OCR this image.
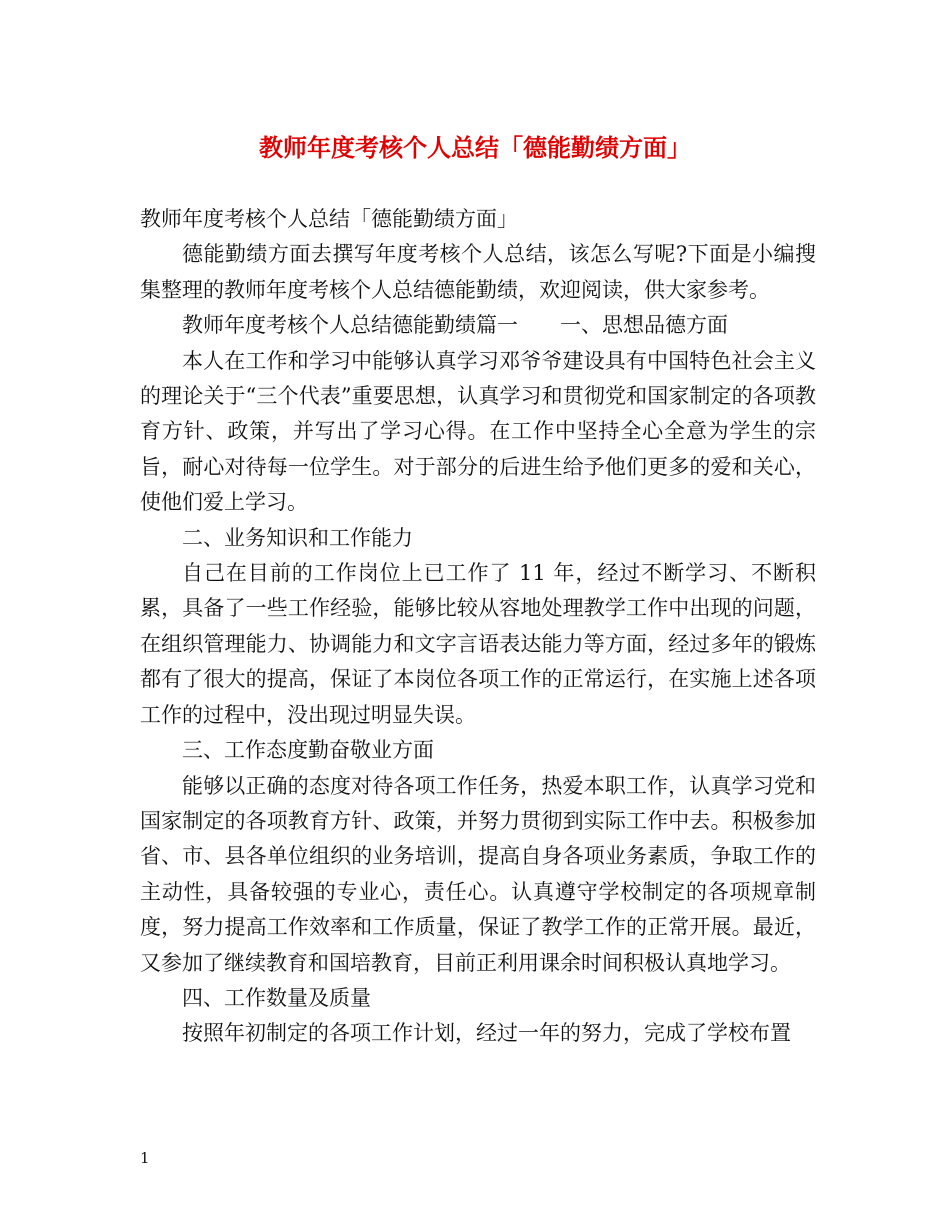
教师年度考核个人总结「德能勤绩方面」

教师年度考核个人总结「德能勤绩方面」

德能勤绩方面去撰写年度考核个人总结，该怎么写呢?下面是小编搜集整理的教师年度考核个人总结德能勤绩，欢迎阅读，供大家参考。

教师年度考核个人总结德能勤绩篇一　　一、思想品德方面

本人在工作和学习中能够认真学习邓爷爷建设具有中国特色社会主义的理论关于“三个代表”重要思想，认真学习和贯彻党和国家制定的各项教育方针、政策，并写出了学习心得。在工作中坚持全心全意为学生的宗旨，耐心对待每一位学生。对于部分的后进生给予他们更多的爱和关心，使他们爱上学习。

二、业务知识和工作能力

自己在目前的工作岗位上已工作了 11 年，经过不断学习、不断积累，具备了一些工作经验，能够比较从容地处理教学工作中出现的问题，在组织管理能力、协调能力和文字言语表达能力等方面，经过多年的锻炼都有了很大的提高，保证了本岗位各项工作的正常运行，在实施上述各项工作的过程中，没出现过明显失误。

三、工作态度勤奋敬业方面

能够以正确的态度对待各项工作任务，热爱本职工作，认真学习党和国家制定的各项教育方针、政策，并努力贯彻到实际工作中去。积极参加省、市、县各单位组织的业务培训，提高自身各项业务素质，争取工作的主动性，具备较强的专业心，责任心。认真遵守学校制定的各项规章制度，努力提高工作效率和工作质量，保证了教学工作的正常开展。最近，又参加了继续教育和国培教育，目前正利用课余时间积极认真地学习。

四、工作数量及质量

按照年初制定的各项工作计划，经过一年的努力，完成了学校布置

1
